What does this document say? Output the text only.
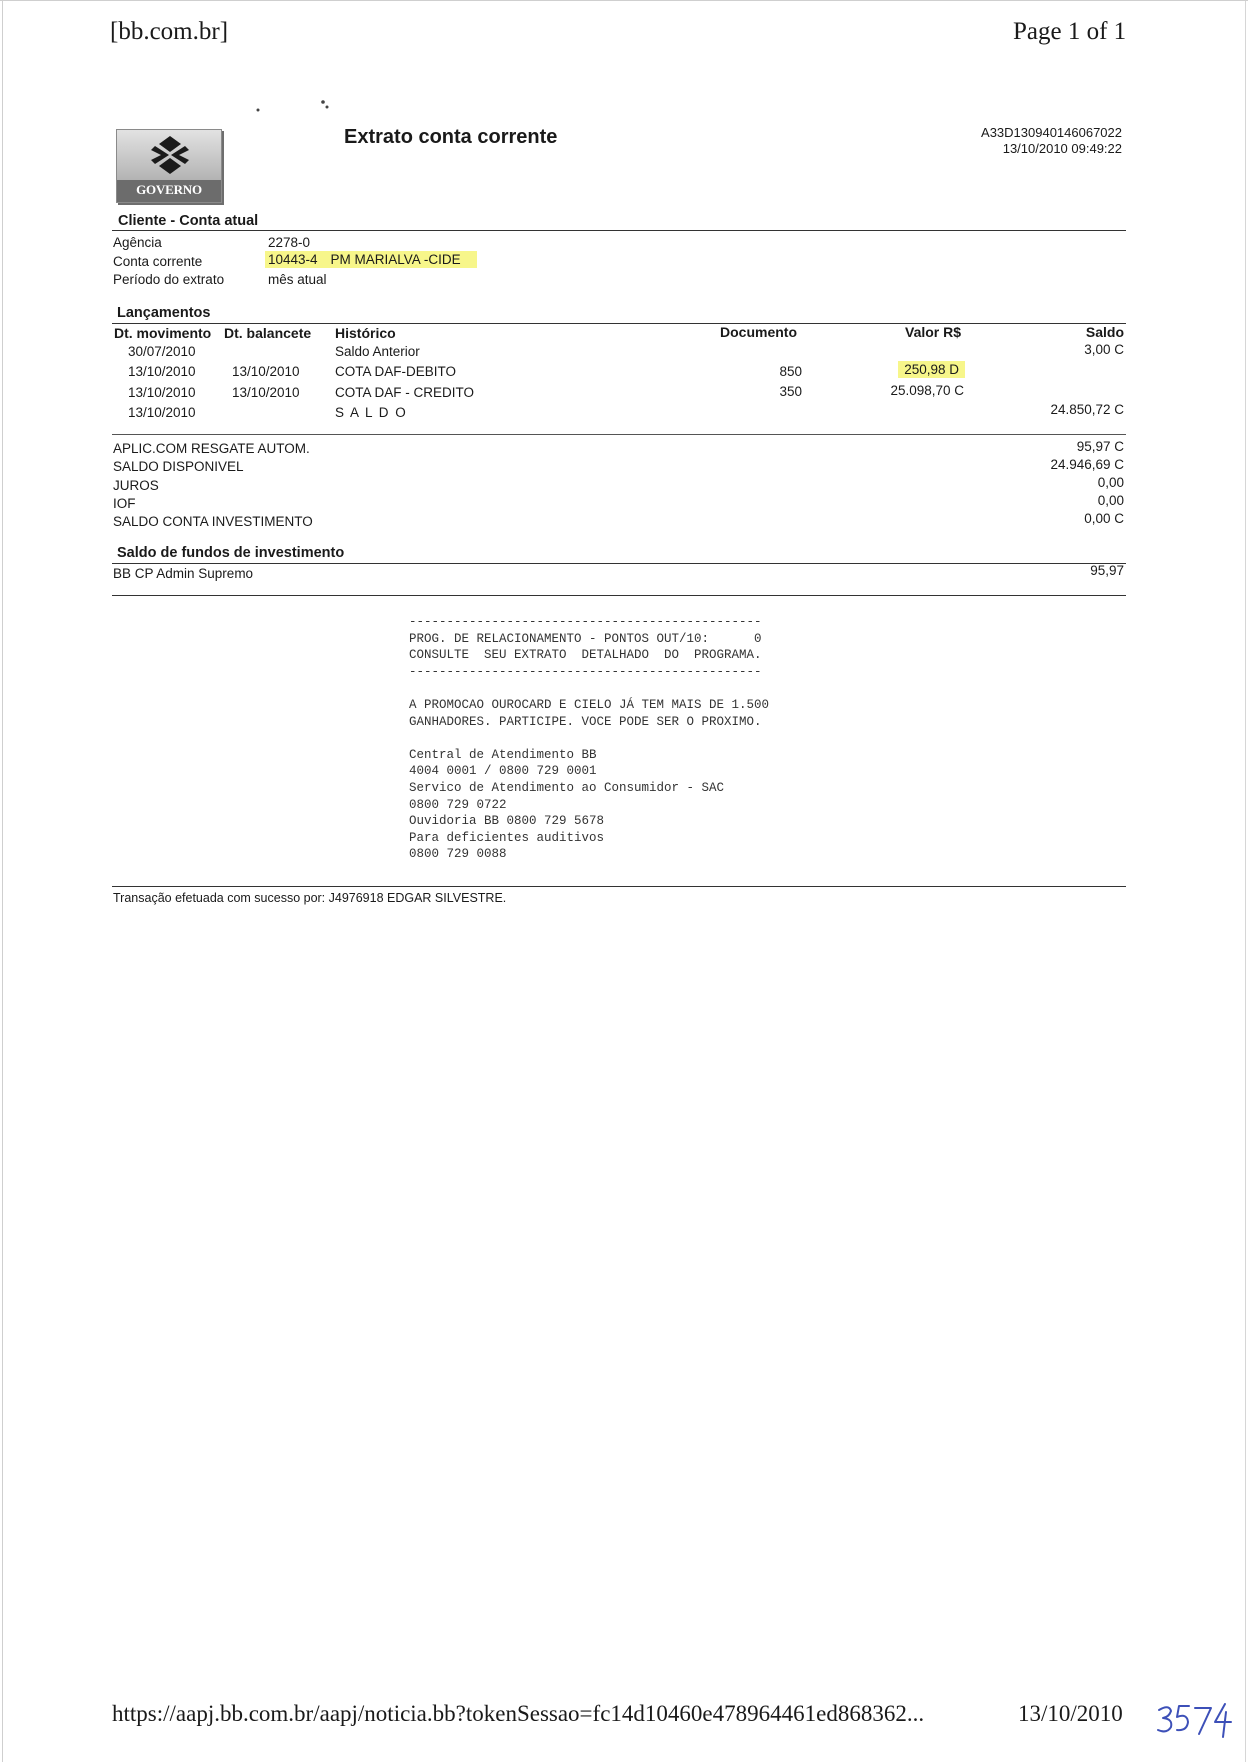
[bb.com.br]	Page 1 of 1
GOVERNO
Extrato conta corrente	A33D130940146067022
13/10/2010 09:49:22
Cliente - Conta atual
Agência	2278-0
Conta corrente	10443-4 PM MARIALVA -CIDE
Período do extrato	mês atual
Lançamentos
Dt. movimento Dt. balancete Histórico	Documento	Valor R$	Saldo
30/07/2010	Saldo Anterior	3,00 C
13/10/2010	13/10/2010	COTA DAF-DEBITO	850	250,98 D
13/10/2010	13/10/2010	COTA DAF - CREDITO	350	25.098,70 C
13/10/2010	S A L D O	24.850,72 C
APLIC.COM RESGATE AUTOM.	95,97 C
SALDO DISPONIVEL	24.946,69 C
JUROS	0,00
IOF	0,00
SALDO CONTA INVESTIMENTO	0,00 C
Saldo de fundos de investimento
BB CP Admin Supremo	95,97
-----------------------------------------------
PROG. DE RELACIONAMENTO - PONTOS OUT/10:      0
CONSULTE  SEU EXTRATO  DETALHADO  DO  PROGRAMA.
-----------------------------------------------
A PROMOCAO OUROCARD E CIELO JÁ TEM MAIS DE 1.500
GANHADORES. PARTICIPE. VOCE PODE SER O PROXIMO.
Central de Atendimento BB
4004 0001 / 0800 729 0001
Servico de Atendimento ao Consumidor - SAC
0800 729 0722
Ouvidoria BB 0800 729 5678
Para deficientes auditivos
0800 729 0088
Transação efetuada com sucesso por: J4976918 EDGAR SILVESTRE.
https://aapj.bb.com.br/aapj/noticia.bb?tokenSessao=fc14d10460e478964461ed868362...	13/10/2010
